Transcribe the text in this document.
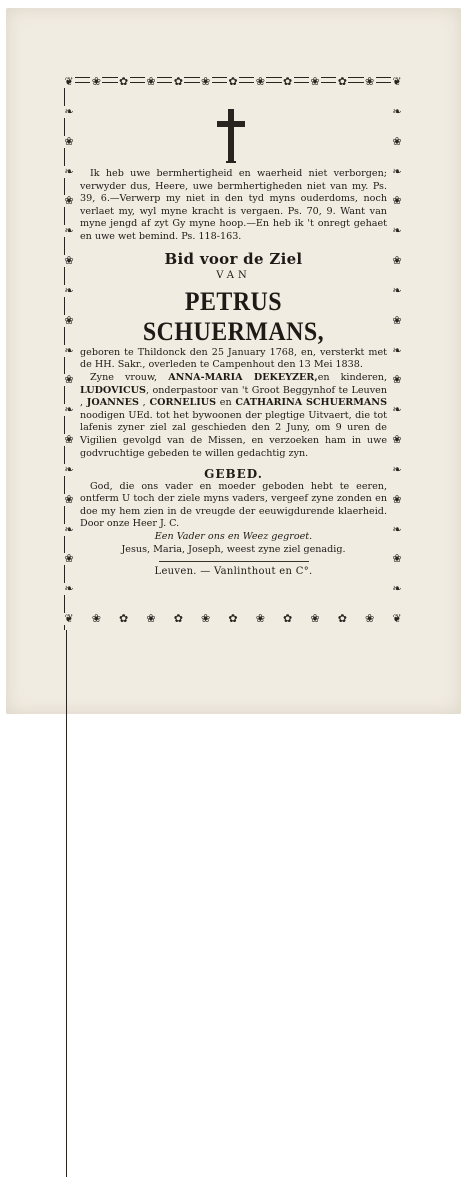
❦	❦
❦	❦
❀
❀
✿
✿
❀
❀
✿
✿
❀
❀
✿
✿
❀
❀
✿
✿
❀
❀
✿
✿
❀
❀
❧	❧
❀	❀
❧	❧
❀	❀
❧	❧
❀	❀
❧	❧
❀	❀
❧	❧
❀	❀
❧	❧
❀	❀
❧	❧
❀	❀
❧	❧
❀	❀
❧	❧

Ik heb uwe bermhertigheid en waerheid niet verborgen; verwyder dus, Heere, uwe bermhertigheden niet van my. Ps. 39, 6.—Verwerp my niet in den tyd myns ouderdoms, noch verlaet my, wyl myne kracht is vergaen. Ps. 70, 9. Want van myne jengd af zyt Gy myne hoop.—En heb ik 't onregt gehaet en uwe wet bemind. Ps. 118-163.

Bid voor de Ziel
VAN
PETRUS SCHUERMANS,

geboren te Thildonck den 25 January 1768, en, versterkt met de HH. Sakr., overleden te Campenhout den 13 Mei 1838.

Zyne vrouw, ANNA-MARIA DEKEYZER,en kinderen, LUDOVICUS, onderpastoor van 't Groot Beggynhof te Leuven , JOANNES , CORNELIUS en CATHARINA SCHUERMANS noodigen UEd. tot het bywoonen der plegtige Uitvaert, die tot lafenis zyner ziel zal geschieden den 2 Juny, om 9 uren de Vigilien gevolgd van de Missen, en verzoeken ham in uwe godvruchtige gebeden te willen gedachtig zyn.

GEBED.

God, die ons vader en moeder geboden hebt te eeren, ontferm U toch der ziele myns vaders, vergeef zyne zonden en doe my hem zien in de vreugde der eeuwigdurende klaerheid. Door onze Heer J. C.

Een Vader ons en Weez gegroet.

Jesus, Maria, Joseph, weest zyne ziel genadig.

Leuven. — Vanlinthout en C°.
